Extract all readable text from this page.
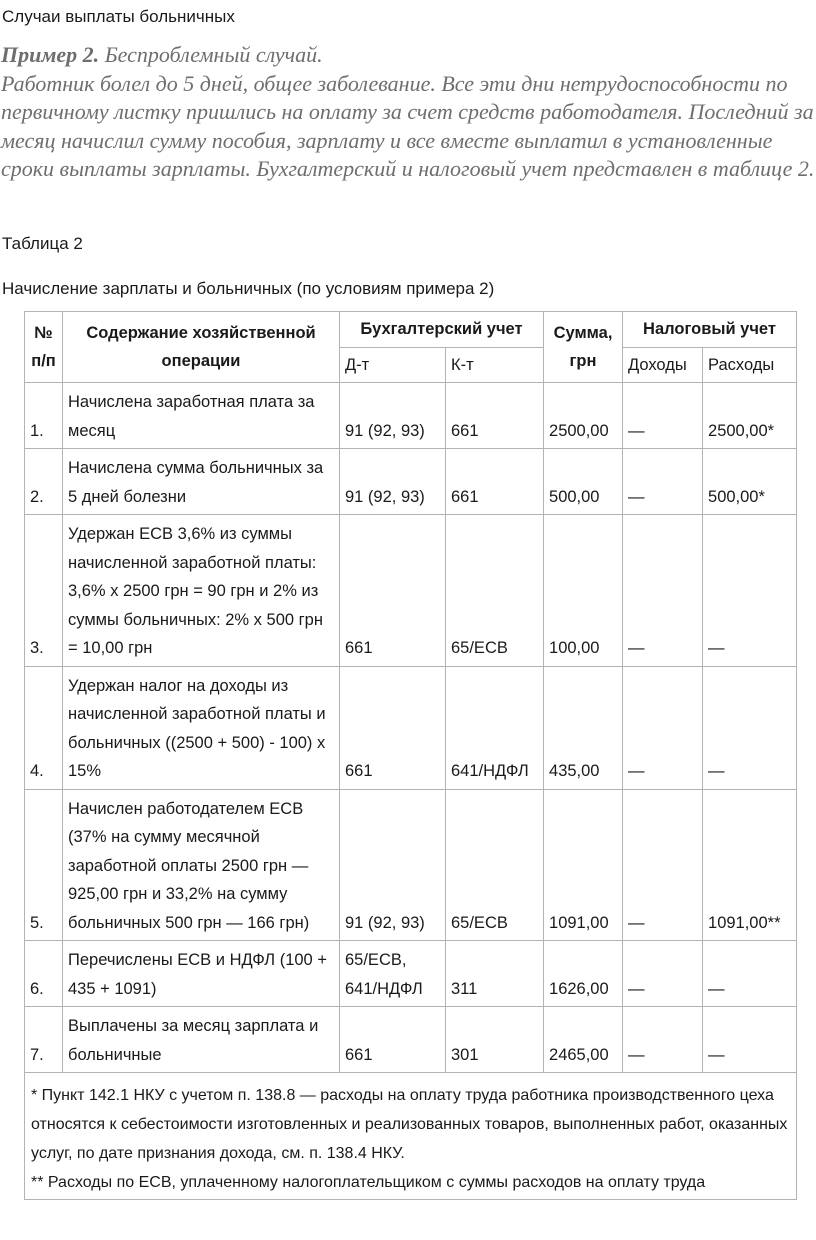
Случаи выплаты больничных
Пример 2. Беспроблемный случай.
Работник болел до 5 дней, общее заболевание. Все эти дни нетрудоспособности по первичному листку пришлись на оплату за счет средств работодателя. Последний за месяц начислил сумму пособия, зарплату и все вместе выплатил в установленные сроки выплаты зарплаты. Бухгалтерский и налоговый учет представлен в таблице 2.
Таблица 2
Начисление зарплаты и больничных (по условиям примера 2)
№ п/п	Содержание хозяйственной операции	Бухгалтерский учет		Сумма, грн	Налоговый учет	
		Д-т	К-т		Доходы	Расходы
1.	Начислена заработная плата за месяц	91 (92, 93)	661	2500,00	—	2500,00*
2.	Начислена сумма больничных за 5 дней болезни	91 (92, 93)	661	500,00	—	500,00*
3.	Удержан ЕСВ 3,6% из суммы начисленной заработной платы: 3,6% x 2500 грн = 90 грн и 2% из суммы больничных: 2% x 500 грн = 10,00 грн	661	65/ЕСВ	100,00	—	—
4.	Удержан налог на доходы из начисленной заработной платы и больничных ((2500 + 500) - 100) x 15%	661	641/НДФЛ	435,00	—	—
5.	Начислен работодателем ЕСВ (37% на сумму месячной заработной оплаты 2500 грн — 925,00 грн и 33,2% на сумму больничных 500 грн — 166 грн)	91 (92, 93)	65/ЕСВ	1091,00	—	1091,00**
6.	Перечислены ЕСВ и НДФЛ (100 + 435 + 1091)	65/ЕСВ, 641/НДФЛ	311	1626,00	—	—
7.	Выплачены за месяц зарплата и больничные	661	301	2465,00	—	—

* Пункт 142.1 НКУ с учетом п. 138.8 — расходы на оплату труда работника производственного цеха относятся к себестоимости изготовленных и реализованных товаров, выполненных работ, оказанных услуг, по дате признания дохода, см. п. 138.4 НКУ.
** Расходы по ЕСВ, уплаченному налогоплательщиком с суммы расходов на оплату труда						
